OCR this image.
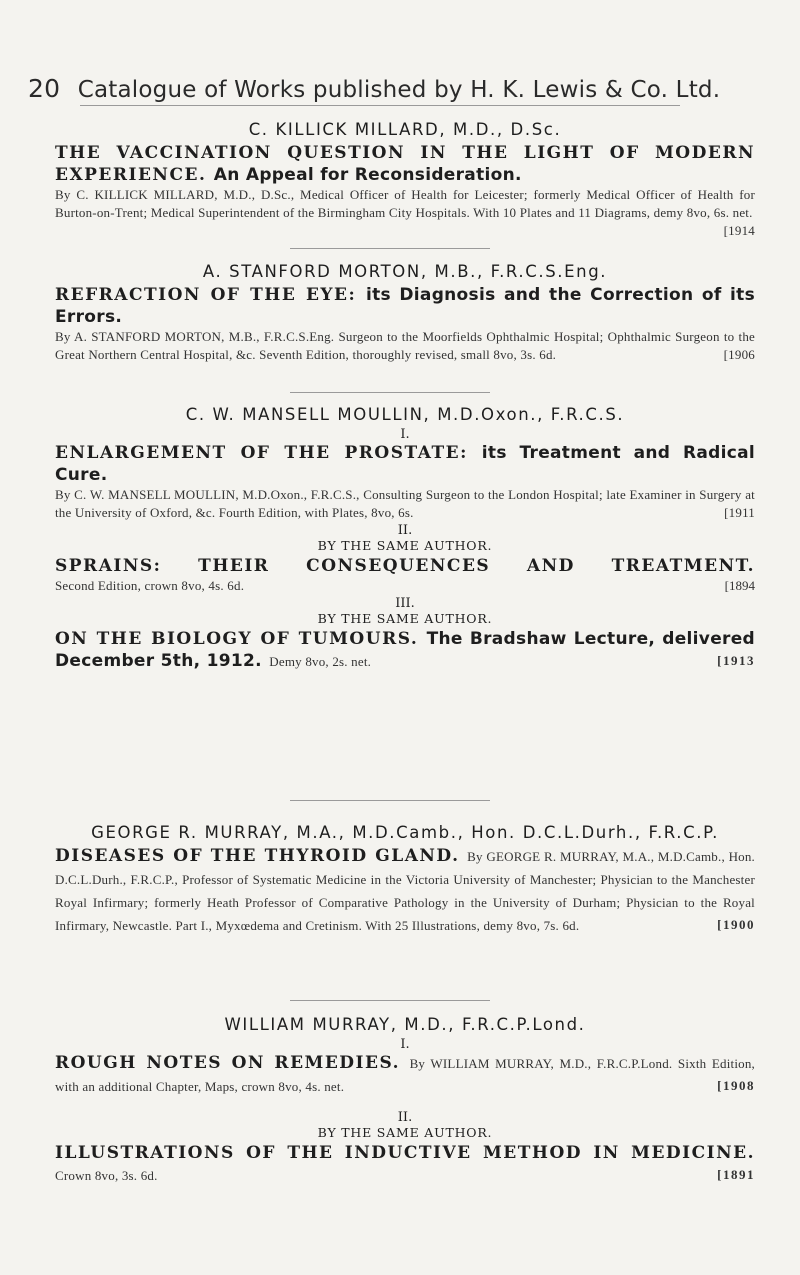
20 Catalogue of Works published by H. K. Lewis & Co. Ltd.
C. KILLICK MILLARD, M.D., D.Sc.
THE VACCINATION QUESTION IN THE LIGHT OF MODERN EXPERIENCE. An Appeal for Reconsideration.
By C. KILLICK MILLARD, M.D., D.Sc., Medical Officer of Health for Leicester; formerly Medical Officer of Health for Burton-on-Trent; Medical Superintendent of the Birmingham City Hospitals. With 10 Plates and 11 Diagrams, demy 8vo, 6s. net.
[1914
A. STANFORD MORTON, M.B., F.R.C.S.Eng.
REFRACTION OF THE EYE: its Diagnosis and the Correction of its Errors.
By A. STANFORD MORTON, M.B., F.R.C.S.Eng. Surgeon to the Moorfields Ophthalmic Hospital; Ophthalmic Surgeon to the Great Northern Central Hospital, &c. Seventh Edition, thoroughly revised, small 8vo, 3s. 6d.	[1906
C. W. MANSELL MOULLIN, M.D.Oxon., F.R.C.S.
I.
ENLARGEMENT OF THE PROSTATE: its Treatment and Radical Cure.
By C. W. MANSELL MOULLIN, M.D.Oxon., F.R.C.S., Consulting Surgeon to the London Hospital; late Examiner in Surgery at the University of Oxford, &c. Fourth Edition, with Plates, 8vo, 6s.	[1911
II.
BY THE SAME AUTHOR.
SPRAINS: THEIR CONSEQUENCES AND TREATMENT.
Second Edition, crown 8vo, 4s. 6d.	[1894
III.
BY THE SAME AUTHOR.
ON THE BIOLOGY OF TUMOURS. The Bradshaw Lecture, delivered December 5th, 1912. Demy 8vo, 2s. net.	[1913
GEORGE R. MURRAY, M.A., M.D.Camb., Hon. D.C.L.Durh., F.R.C.P.
DISEASES OF THE THYROID GLAND. By GEORGE R. MURRAY, M.A., M.D.Camb., Hon. D.C.L.Durh., F.R.C.P., Professor of Systematic Medicine in the Victoria University of Manchester; Physician to the Manchester Royal Infirmary; formerly Heath Professor of Comparative Pathology in the University of Durham; Physician to the Royal Infirmary, Newcastle. Part I., Myxœdema and Cretinism. With 25 Illustrations, demy 8vo, 7s. 6d.	[1900
WILLIAM MURRAY, M.D., F.R.C.P.Lond.
I.
ROUGH NOTES ON REMEDIES. By WILLIAM MURRAY, M.D., F.R.C.P.Lond. Sixth Edition, with an additional Chapter, Maps, crown 8vo, 4s. net.	[1908
II.
BY THE SAME AUTHOR.
ILLUSTRATIONS OF THE INDUCTIVE METHOD IN MEDICINE. Crown 8vo, 3s. 6d.	[1891
